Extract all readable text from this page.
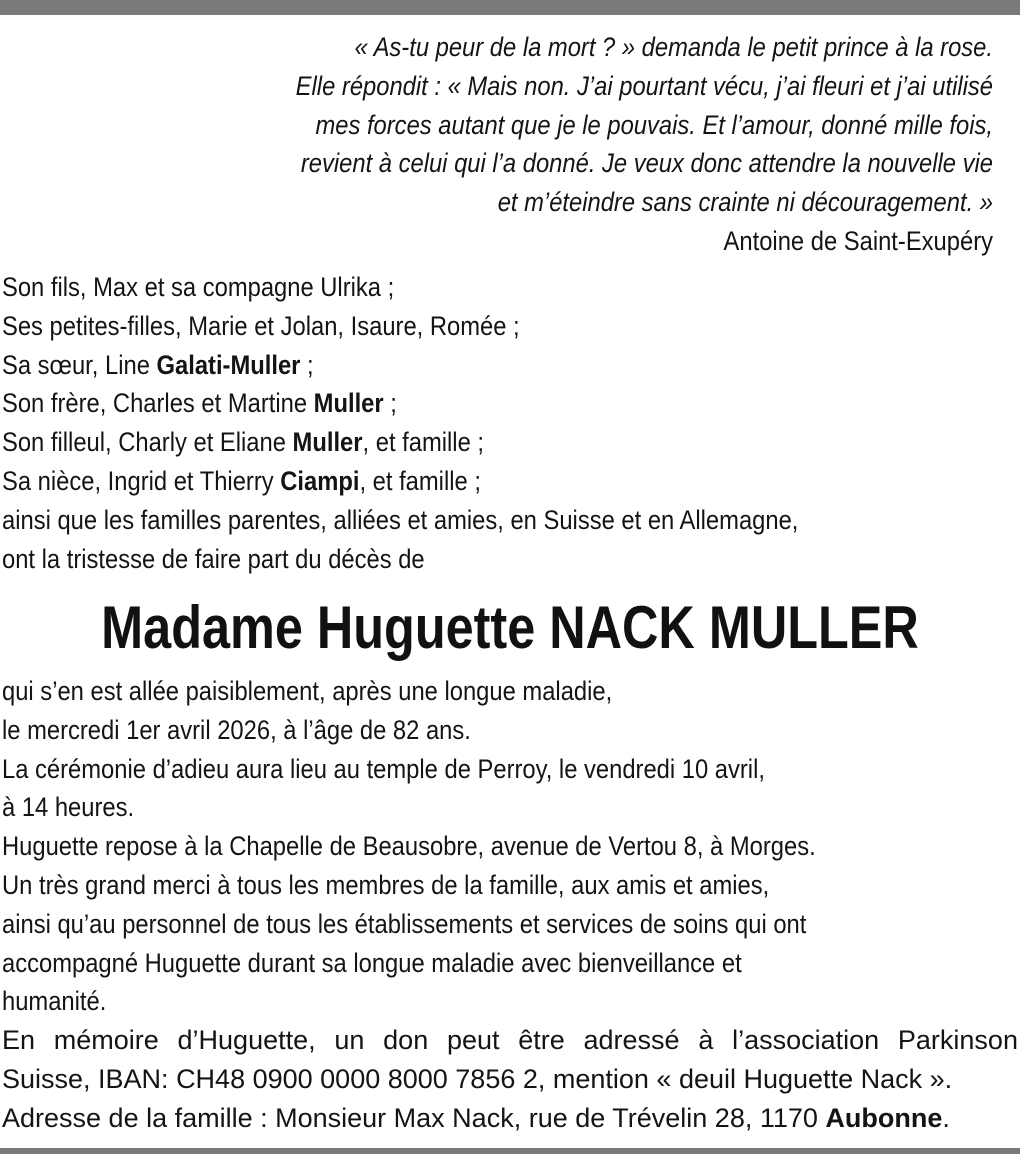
« As-tu peur de la mort ? » demanda le petit prince à la rose.
Elle répondit : « Mais non. J’ai pourtant vécu, j’ai fleuri et j’ai utilisé
mes forces autant que je le pouvais. Et l’amour, donné mille fois,
revient à celui qui l’a donné. Je veux donc attendre la nouvelle vie
et m’éteindre sans crainte ni découragement. »
Antoine de Saint-Exupéry
Son fils, Max et sa compagne Ulrika ;
Ses petites-filles, Marie et Jolan, Isaure, Romée ;
Sa sœur, Line Galati-Muller ;
Son frère, Charles et Martine Muller ;
Son filleul, Charly et Eliane Muller, et famille ;
Sa nièce, Ingrid et Thierry Ciampi, et famille ;
ainsi que les familles parentes, alliées et amies, en Suisse et en Allemagne,
ont la tristesse de faire part du décès de
Madame Huguette NACK MULLER
qui s’en est allée paisiblement, après une longue maladie,
le mercredi 1er avril 2026, à l’âge de 82 ans.
La cérémonie d’adieu aura lieu au temple de Perroy, le vendredi 10 avril,
à 14 heures.
Huguette repose à la Chapelle de Beausobre, avenue de Vertou 8, à Morges.
Un très grand merci à tous les membres de la famille, aux amis et amies,
ainsi qu’au personnel de tous les établissements et services de soins qui ont
accompagné Huguette durant sa longue maladie avec bienveillance et
humanité.
En mémoire d’Huguette, un don peut être adressé à l’association Parkinson
Suisse, IBAN: CH48 0900 0000 8000 7856 2, mention « deuil Huguette Nack ».
Adresse de la famille : Monsieur Max Nack, rue de Trévelin 28, 1170 Aubonne.
